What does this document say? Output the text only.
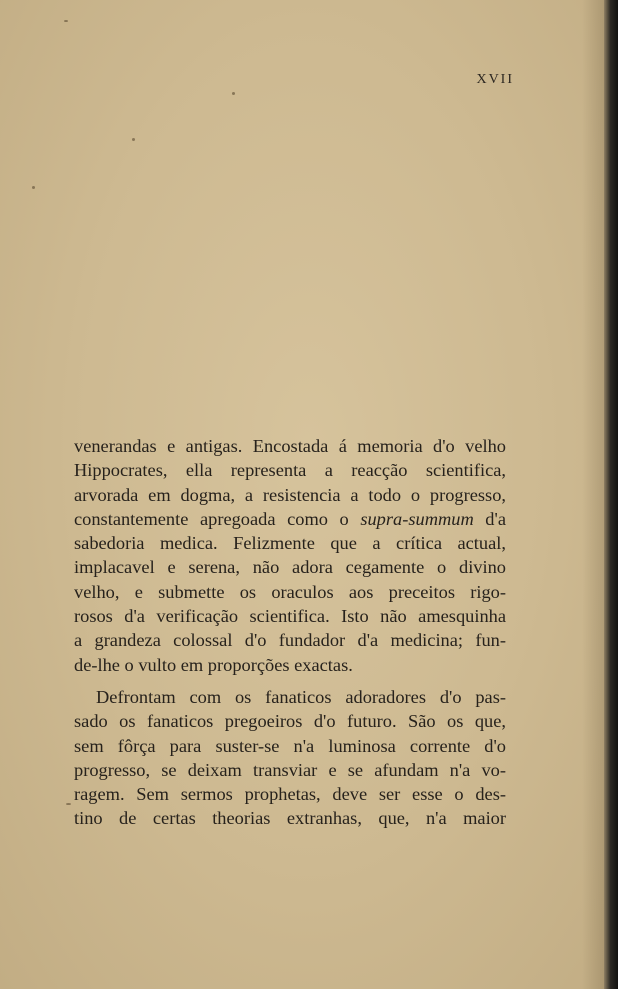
XVII
venerandas e antigas. Encostada á memoria d'o velho
Hippocrates, ella representa a reacção scientifica,
arvorada em dogma, a resistencia a todo o progresso,
constantemente apregoada como o supra-summum d'a
sabedoria medica. Felizmente que a crítica actual,
implacavel e serena, não adora cegamente o divino
velho, e submette os oraculos aos preceitos rigo-
rosos d'a verificação scientifica. Isto não amesquinha
a grandeza colossal d'o fundador d'a medicina; fun-
de-lhe o vulto em proporções exactas.
Defrontam com os fanaticos adoradores d'o pas-
sado os fanaticos pregoeiros d'o futuro. São os que,
sem fôrça para suster-se n'a luminosa corrente d'o
progresso, se deixam transviar e se afundam n'a vo-
ragem. Sem sermos prophetas, deve ser esse o des-
tino de certas theorias extranhas, que, n'a maior
